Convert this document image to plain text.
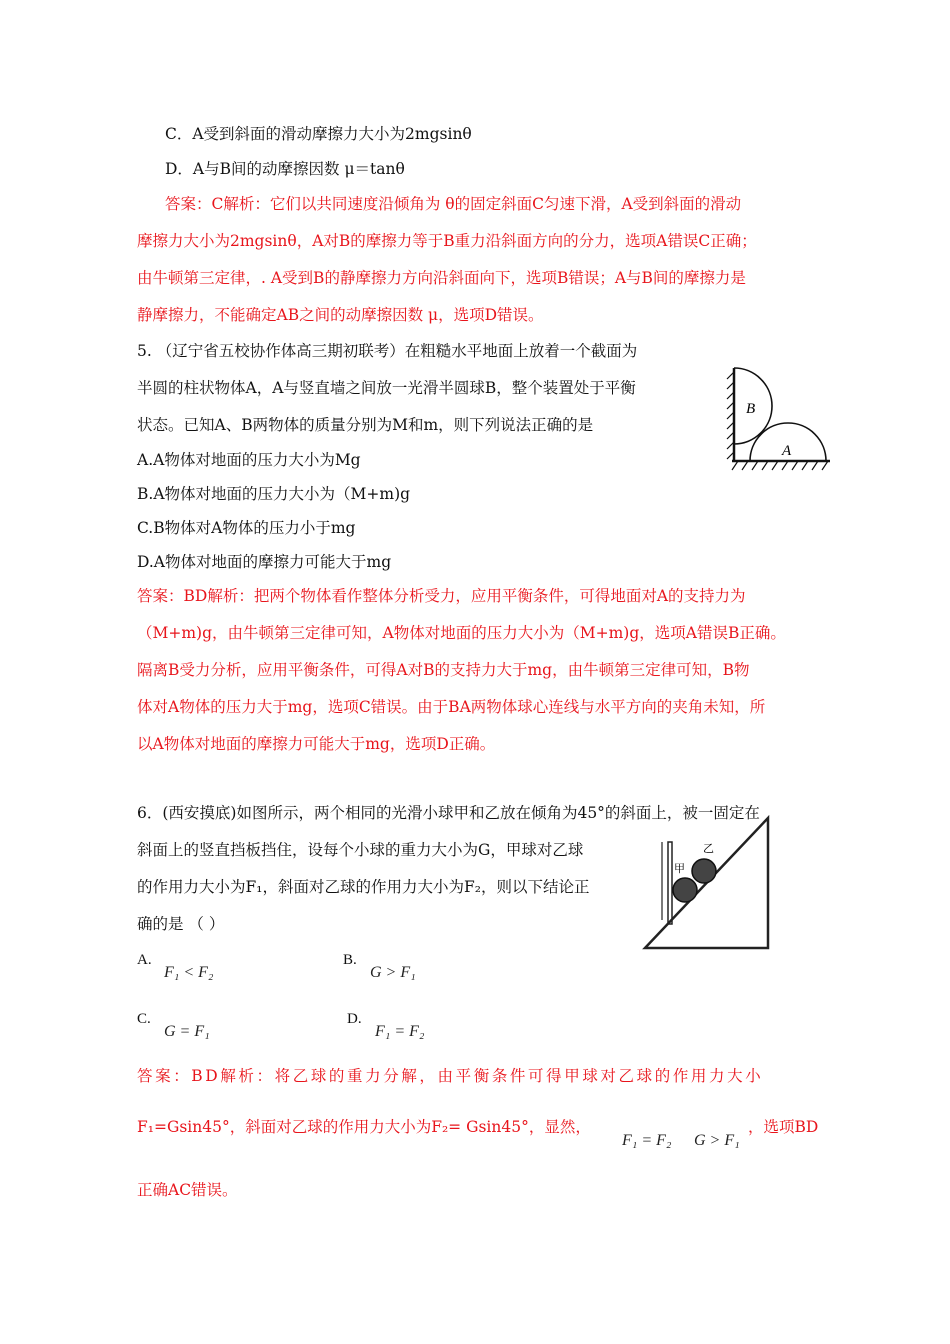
C．A受到斜面的滑动摩擦力大小为2mgsinθ
D．A与B间的动摩擦因数 μ＝tanθ
答案：C解析：它们以共同速度沿倾角为 θ的固定斜面C匀速下滑，A受到斜面的滑动
摩擦力大小为2mgsinθ，A对B的摩擦力等于B重力沿斜面方向的分力，选项A错误C正确；
由牛顿第三定律，. A受到B的静摩擦力方向沿斜面向下，选项B错误；A与B间的摩擦力是
静摩擦力，不能确定AB之间的动摩擦因数 μ，选项D错误。
5. （辽宁省五校协作体高三期初联考）在粗糙水平地面上放着一个截面为
半圆的柱状物体A，A与竖直墙之间放一光滑半圆球B，整个装置处于平衡
状态。已知A、B两物体的质量分别为M和m，则下列说法正确的是
A.A物体对地面的压力大小为Mg
B.A物体对地面的压力大小为（M+m)g
C.B物体对A物体的压力小于mg
D.A物体对地面的摩擦力可能大于mg
B
A
答案：BD解析：把两个物体看作整体分析受力，应用平衡条件，可得地面对A的支持力为
（M+m)g，由牛顿第三定律可知，A物体对地面的压力大小为（M+m)g，选项A错误B正确。
隔离B受力分析，应用平衡条件，可得A对B的支持力大于mg，由牛顿第三定律可知，B物
体对A物体的压力大于mg，选项C错误。由于BA两物体球心连线与水平方向的夹角未知，所
以A物体对地面的摩擦力可能大于mg，选项D正确。
6．(西安摸底)如图所示，两个相同的光滑小球甲和乙放在倾角为45°的斜面上，被一固定在
斜面上的竖直挡板挡住，设每个小球的重力大小为G，甲球对乙球
的作用力大小为F₁，斜面对乙球的作用力大小为F₂，则以下结论正
确的是 （ ）
甲
乙
A.
F₁ < F₂
B.
G > F₁
C.
G = F₁
D.
F₁ = F₂
答案：BD解析：将乙球的重力分解，由平衡条件可得甲球对乙球的作用力大小
F₁=Gsin45°，斜面对乙球的作用力大小为F₂= Gsin45°，显然，
F₁ = F₂ G > F₁
，选项BD
正确AC错误。
